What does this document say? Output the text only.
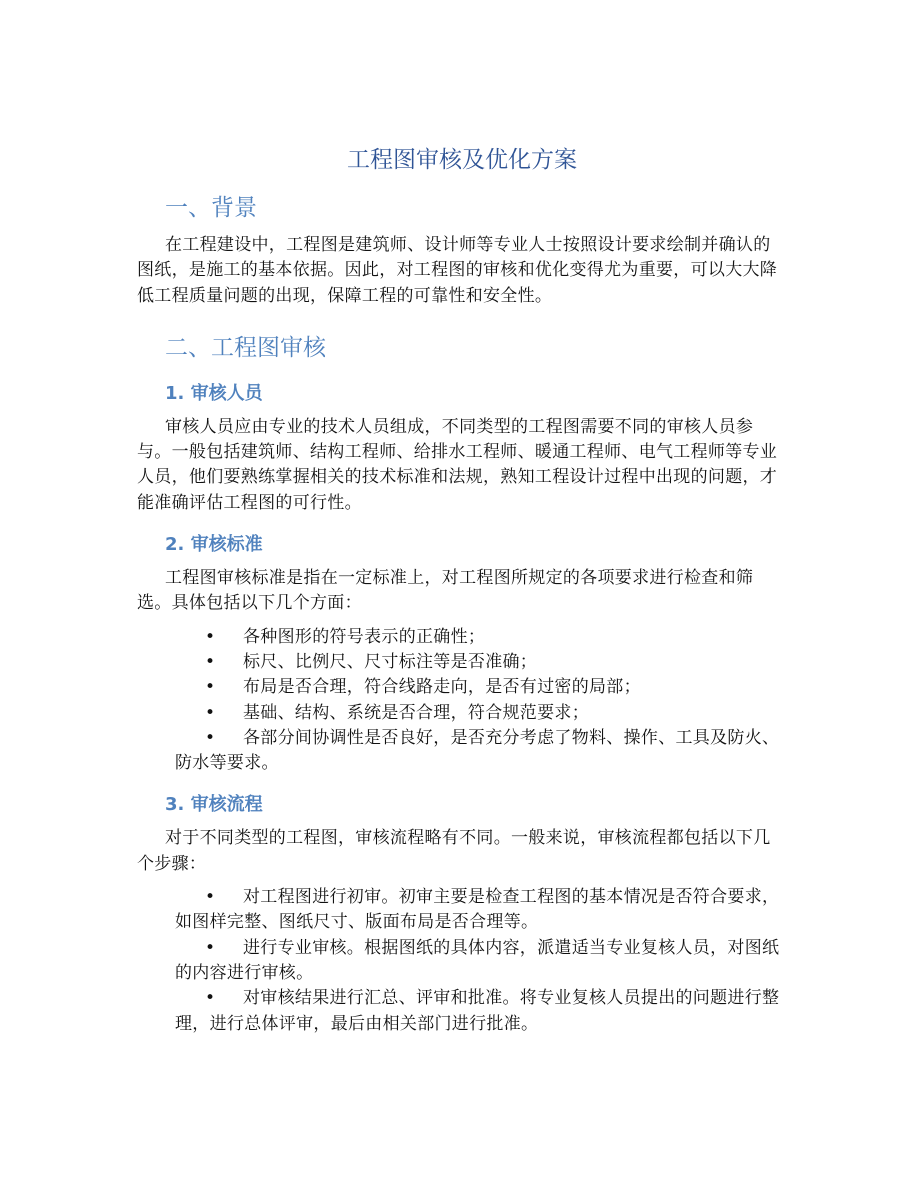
工程图审核及优化方案
一、背景
在工程建设中，工程图是建筑师、设计师等专业人士按照设计要求绘制并确认的图纸，是施工的基本依据。因此，对工程图的审核和优化变得尤为重要，可以大大降低工程质量问题的出现，保障工程的可靠性和安全性。
二、工程图审核
1. 审核人员
审核人员应由专业的技术人员组成，不同类型的工程图需要不同的审核人员参与。一般包括建筑师、结构工程师、给排水工程师、暖通工程师、电气工程师等专业人员，他们要熟练掌握相关的技术标准和法规，熟知工程设计过程中出现的问题，才能准确评估工程图的可行性。
2. 审核标准
工程图审核标准是指在一定标准上，对工程图所规定的各项要求进行检查和筛选。具体包括以下几个方面：
• 各种图形的符号表示的正确性；
• 标尺、比例尺、尺寸标注等是否准确；
• 布局是否合理，符合线路走向，是否有过密的局部；
• 基础、结构、系统是否合理，符合规范要求；
• 各部分间协调性是否良好，是否充分考虑了物料、操作、工具及防火、防水等要求。
3. 审核流程
对于不同类型的工程图，审核流程略有不同。一般来说，审核流程都包括以下几个步骤：
• 对工程图进行初审。初审主要是检查工程图的基本情况是否符合要求，如图样完整、图纸尺寸、版面布局是否合理等。
• 进行专业审核。根据图纸的具体内容，派遣适当专业复核人员，对图纸的内容进行审核。
• 对审核结果进行汇总、评审和批准。将专业复核人员提出的问题进行整理，进行总体评审，最后由相关部门进行批准。
